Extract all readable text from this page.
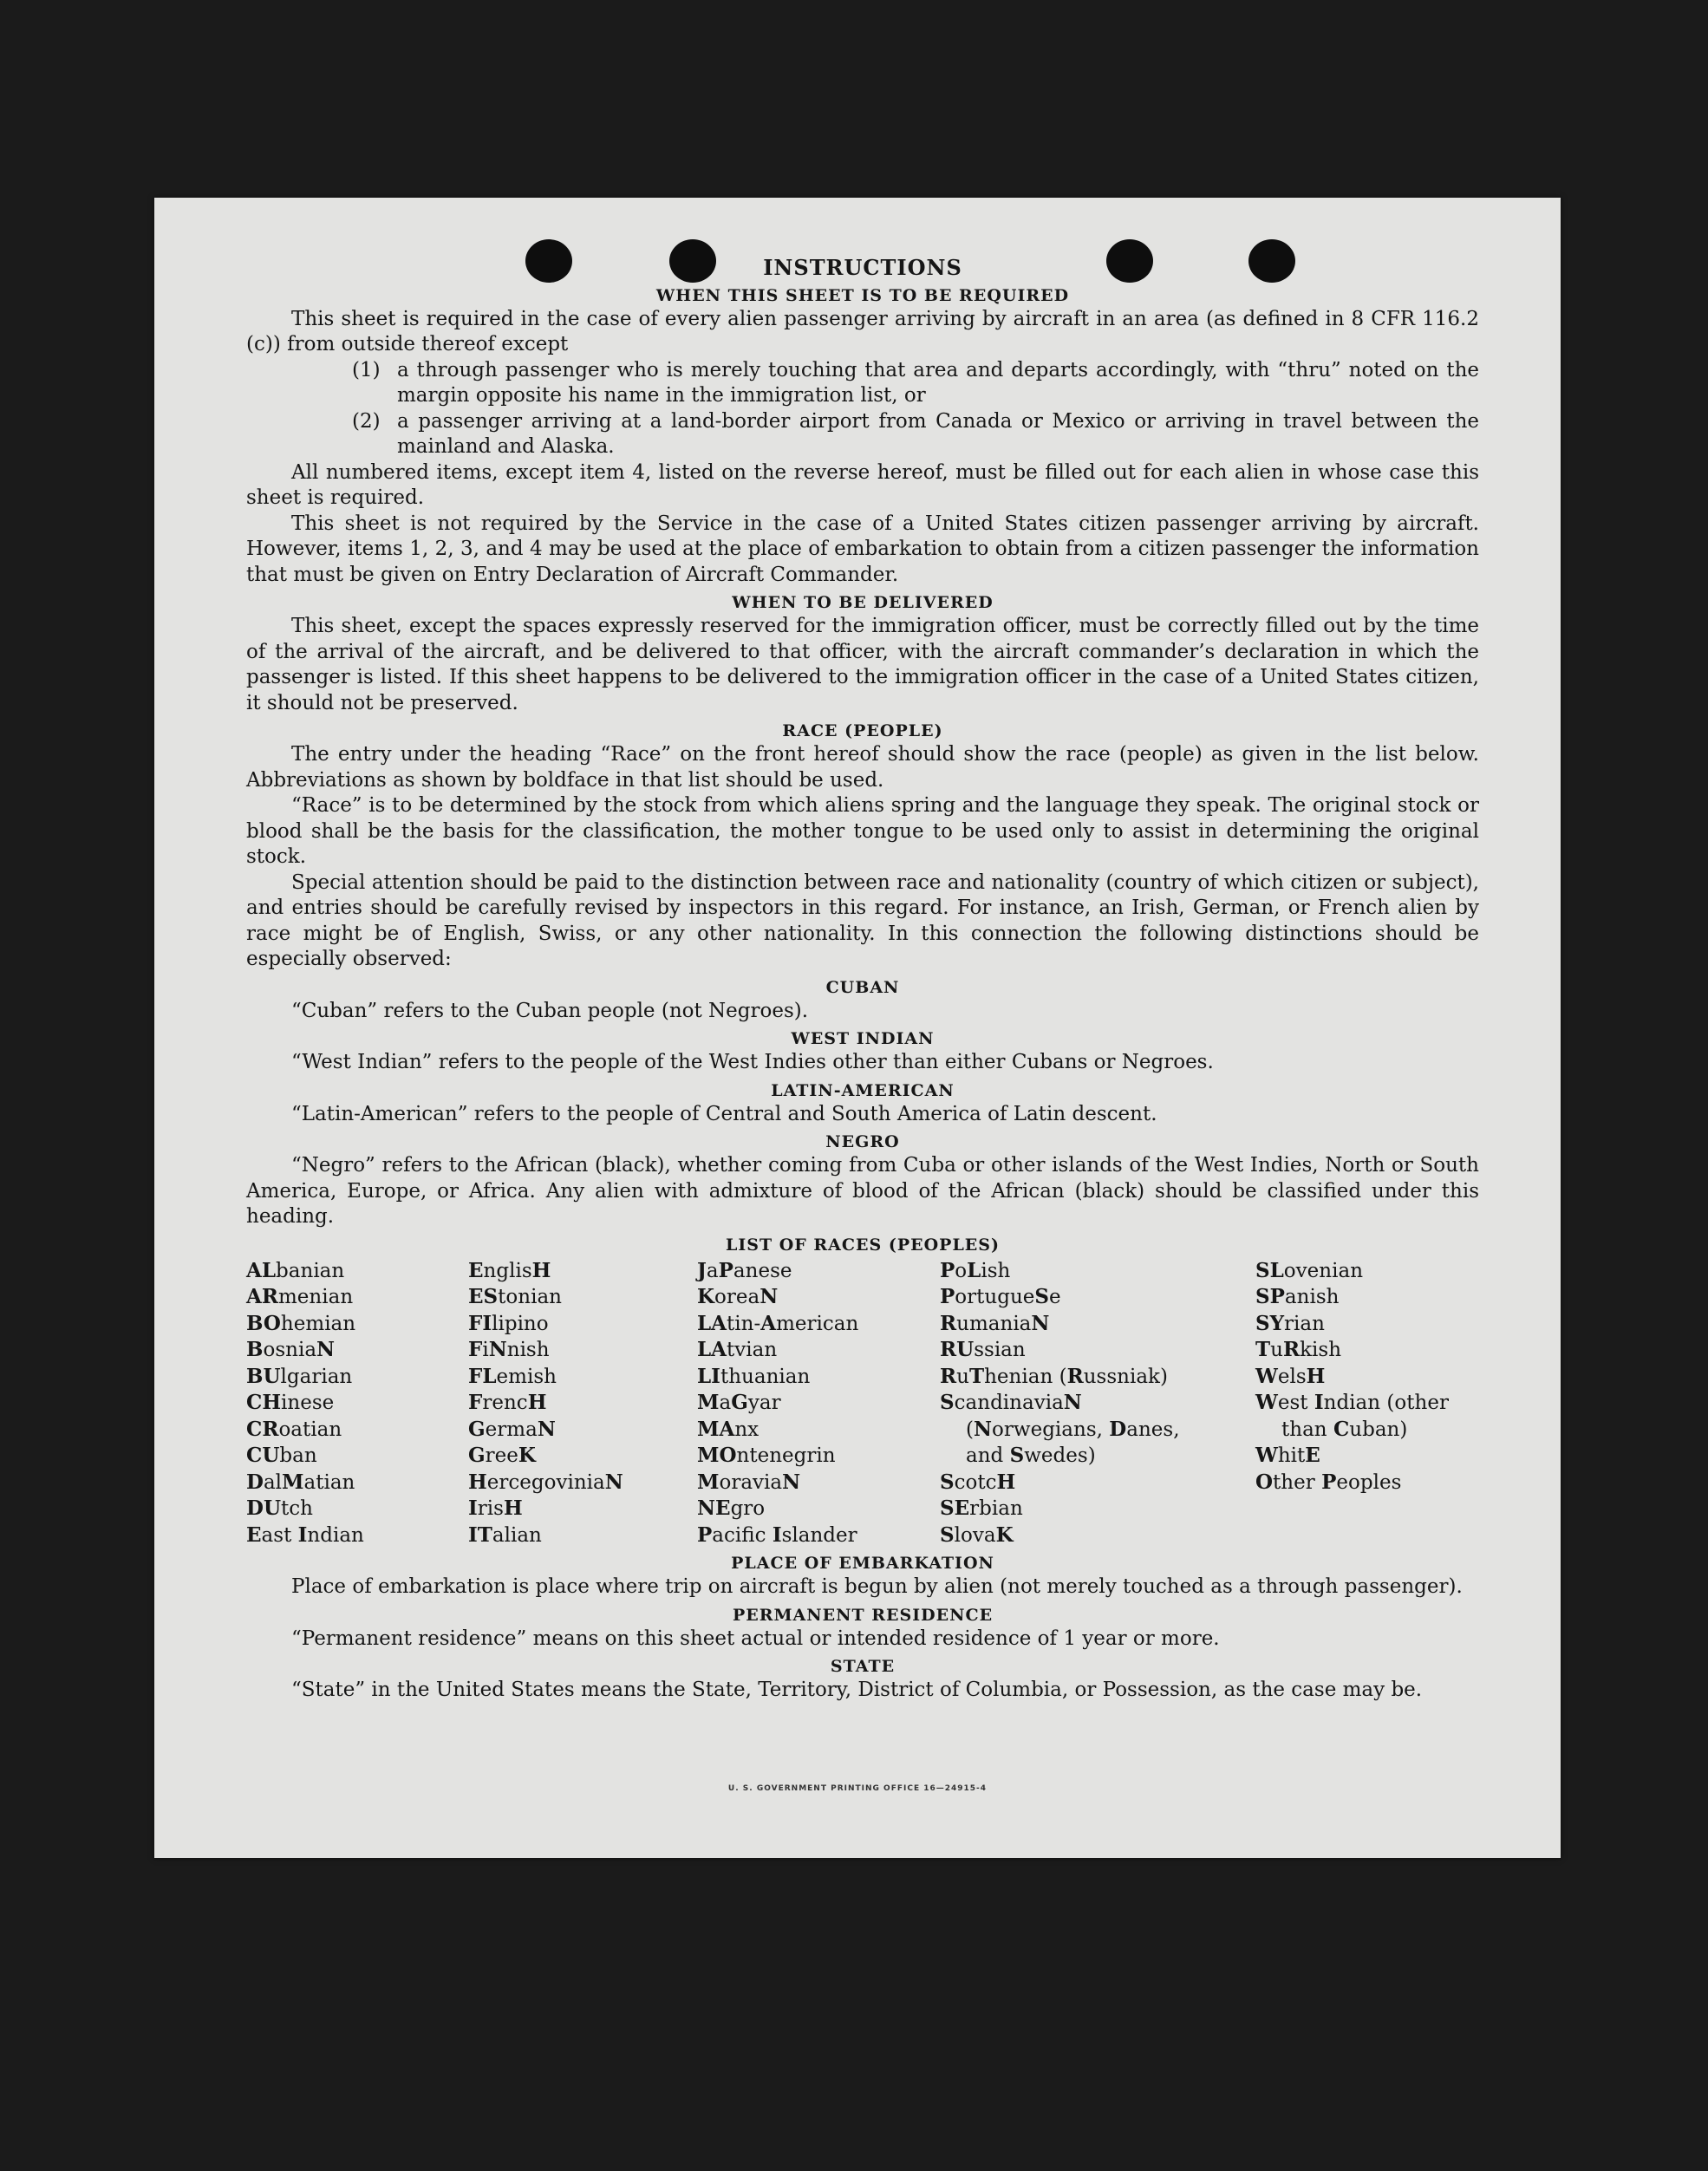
INSTRUCTIONS
WHEN THIS SHEET IS TO BE REQUIRED

This sheet is required in the case of every alien passenger arriving by aircraft in an area (as defined in 8 CFR 116.2 (c)) from outside thereof except

(1) a through passenger who is merely touching that area and departs accordingly, with “thru” noted on the margin opposite his name in the immigration list, or
(2) a passenger arriving at a land-border airport from Canada or Mexico or arriving in travel between the mainland and Alaska.

All numbered items, except item 4, listed on the reverse hereof, must be filled out for each alien in whose case this sheet is required.

This sheet is not required by the Service in the case of a United States citizen passenger arriving by aircraft. However, items 1, 2, 3, and 4 may be used at the place of embarkation to obtain from a citizen passenger the information that must be given on Entry Declaration of Aircraft Commander.

WHEN TO BE DELIVERED

This sheet, except the spaces expressly reserved for the immigration officer, must be correctly filled out by the time of the arrival of the aircraft, and be delivered to that officer, with the aircraft commander’s declaration in which the passenger is listed. If this sheet happens to be delivered to the immigration officer in the case of a United States citizen, it should not be preserved.

RACE (PEOPLE)

The entry under the heading “Race” on the front hereof should show the race (people) as given in the list below. Abbreviations as shown by boldface in that list should be used.

“Race” is to be determined by the stock from which aliens spring and the language they speak. The original stock or blood shall be the basis for the classification, the mother tongue to be used only to assist in determining the original stock.

Special attention should be paid to the distinction between race and nationality (country of which citizen or subject), and entries should be carefully revised by inspectors in this regard. For instance, an Irish, German, or French alien by race might be of English, Swiss, or any other nationality. In this connection the following distinctions should be especially observed:

CUBAN

“Cuban” refers to the Cuban people (not Negroes).

WEST INDIAN

“West Indian” refers to the people of the West Indies other than either Cubans or Negroes.

LATIN-AMERICAN

“Latin-American” refers to the people of Central and South America of Latin descent.

NEGRO

“Negro” refers to the African (black), whether coming from Cuba or other islands of the West Indies, North or South America, Europe, or Africa. Any alien with admixture of blood of the African (black) should be classified under this heading.

LIST OF RACES (PEOPLES)
ALbanian
ARmenian
BOhemian
BosniaN
BUlgarian
CHinese
CRoatian
CUban
DalMatian
DUtch
East Indian
EnglisH
EStonian
FIlipino
FiNnish
FLemish
FrencH
GermaN
GreeK
HercegoviniaN
IrisH
ITalian
JaPanese
KoreaN
LAtin-American
LAtvian
LIthuanian
MaGyar
MAnx
MOntenegrin
MoraviaN
NEgro
Pacifc Islander
PoLish
PortugueSe
RumaniaN
RUssian
RuThenian (Russniak)
ScandinaviaN (Norwegians, Danes, and Swedes)
ScotcH
SErbian
SlovaK
SLovenian
SPanish
SYrian
TuRkish
WelsH
West Indian (other than Cuban)
WhitE
Other Peoples
PLACE OF EMBARKATION

Place of embarkation is place where trip on aircraft is begun by alien (not merely touched as a through passenger).

PERMANENT RESIDENCE

“Permanent residence” means on this sheet actual or intended residence of 1 year or more.

STATE

“State” in the United States means the State, Territory, District of Columbia, or Possession, as the case may be.

U. S. GOVERNMENT PRINTING OFFICE 16—24915-4
